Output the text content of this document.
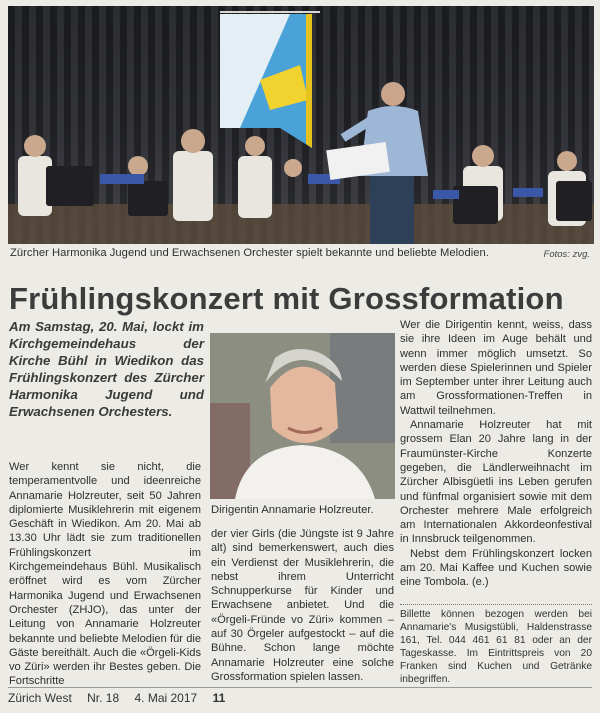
Zürcher Harmonika Jugend und Erwachsenen Orchester spielt bekannte und beliebte Melodien.	Fotos: zvg.
Frühlingskonzert mit Grossformation
Am Samstag, 20. Mai, lockt im Kirchgemeindehaus der Kirche Bühl in Wiedikon das Frühlingskonzert des Zürcher Harmonika Jugend und Erwachsenen Orchesters.

Wer kennt sie nicht, die temperamentvolle und ideenreiche Annamarie Holzreuter, seit 50 Jahren diplomierte Musiklehrerin mit eigenem Geschäft in Wiedikon. Am 20. Mai ab 13.30 Uhr lädt sie zum traditionellen Frühlingskonzert im Kirchgemeindehaus Bühl. Musikalisch eröffnet wird es vom Zürcher Harmonika Jugend und Erwachsenen Orchester (ZHJO), das unter der Leitung von Annamarie Holzreuter bekannte und beliebte Melodien für die Gäste bereithält. Auch die «Örgeli-Kids vo Züri» werden ihr Bestes geben. Die Fortschritte

Dirigentin Annamarie Holzreuter.

der vier Girls (die Jüngste ist 9 Jahre alt) sind bemerkenswert, auch dies ein Verdienst der Musiklehrerin, die nebst ihrem Unterricht Schnupperkurse für Kinder und Erwachsene anbietet. Und die «Örgeli-Fründe vo Züri» kommen – auf 30 Örgeler aufgestockt – auf die Bühne. Schon lange möchte Annamarie Holzreuter eine solche Grossformation spielen lassen.

Wer die Dirigentin kennt, weiss, dass sie ihre Ideen im Auge behält und wenn immer möglich umsetzt. So werden diese Spielerinnen und Spieler im September unter ihrer Leitung auch am Grossformationen-Treffen in Wattwil teilnehmen.

Annamarie Holzreuter hat mit grossem Elan 20 Jahre lang in der Fraumünster-Kirche Konzerte gegeben, die Ländlerweihnacht im Zürcher Albisgüetli ins Leben gerufen und fünfmal organisiert sowie mit dem Orchester mehrere Male erfolgreich am Internationalen Akkordeonfestival in Innsbruck teilgenommen.

Nebst dem Frühlingskonzert locken am 20. Mai Kaffee und Kuchen sowie eine Tombola. (e.)

Billette können bezogen werden bei Annamarie's Musigstübli, Haldenstrasse 161, Tel. 044 461 61 81 oder an der Tageskasse. Im Eintrittspreis von 20 Franken sind Kuchen und Getränke inbegriffen.
Zürich West Nr. 18 4. Mai 2017 11
